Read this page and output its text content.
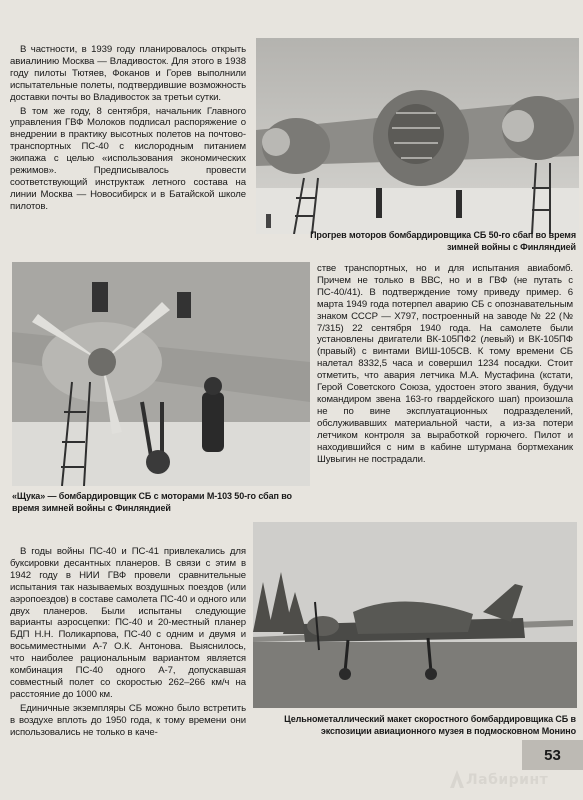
В частности, в 1939 году планировалось открыть авиалинию Москва — Владивосток. Для этого в 1938 году пилоты Тютяев, Фоканов и Горев выполнили испытательные полеты, подтвердившие возможность доставки почты во Владивосток за третьи сутки.

В том же году, 8 сентября, начальник Главного управления ГВФ Молоков подписал распоряжение о внедрении в практику высотных полетов на почтово-транспортных ПС-40 с кислородным питанием экипажа с целью «использования экономических режимов». Предписывалось провести соответствующий инструктаж летного состава на линии Москва — Новосибирск и в Батайской школе пилотов.

Прогрев моторов бомбардировщика СБ 50-го сбап во время зимней войны с Финляндией
«Щука» — бомбардировщик СБ с моторами М-103 50-го сбап во время зимней войны с Финляндией

стве транспортных, но и для испытания авиабомб. Причем не только в ВВС, но и в ГВФ (не путать с ПС-40/41). В подтверждение тому приведу пример. 6 марта 1949 года потерпел аварию СБ с опознавательным знаком СССР — Х797, построенный на заводе № 22 (№ 7/315) 22 сентября 1940 года. На самолете были установлены двигатели ВК-105ПФ2 (левый) и ВК-105ПФ (правый) с винтами ВИШ-105СВ. К тому времени СБ налетал 8332,5 часа и совершил 1234 посадки. Стоит отметить, что авария летчика М.А. Мустафина (кстати, Герой Советского Союза, удостоен этого звания, будучи командиром звена 163-го гвардейского шап) произошла не по вине эксплуатационных подразделений, обслуживавших материальной части, а из-за потери летчиком контроля за выработкой горючего. Пилот и находившийся с ним в кабине штурмана бортмеханик Шувыгин не пострадали.

В годы войны ПС-40 и ПС-41 привлекались для буксировки десантных планеров. В связи с этим в 1942 году в НИИ ГВФ провели сравнительные испытания так называемых воздушных поездов (или аэропоездов) в составе самолета ПС-40 и одного или двух планеров. Были испытаны следующие варианты аэросцепки: ПС-40 и 20-местный планер БДП Н.Н. Поликарпова, ПС-40 с одним и двумя и восьмиместными А-7 О.К. Антонова. Выяснилось, что наиболее рациональным вариантом является комбинация ПС-40 одного А-7, допускавшая совместный полет со скоростью 262–266 км/ч на расстояние до 1000 км.

Единичные экземпляры СБ можно было встретить в воздухе вплоть до 1950 года, к тому времени они использовались не только в каче-

Цельнометаллический макет скоростного бомбардировщика СБ в экспозиции авиационного музея в подмосковном Монино
53
Лабиринт
